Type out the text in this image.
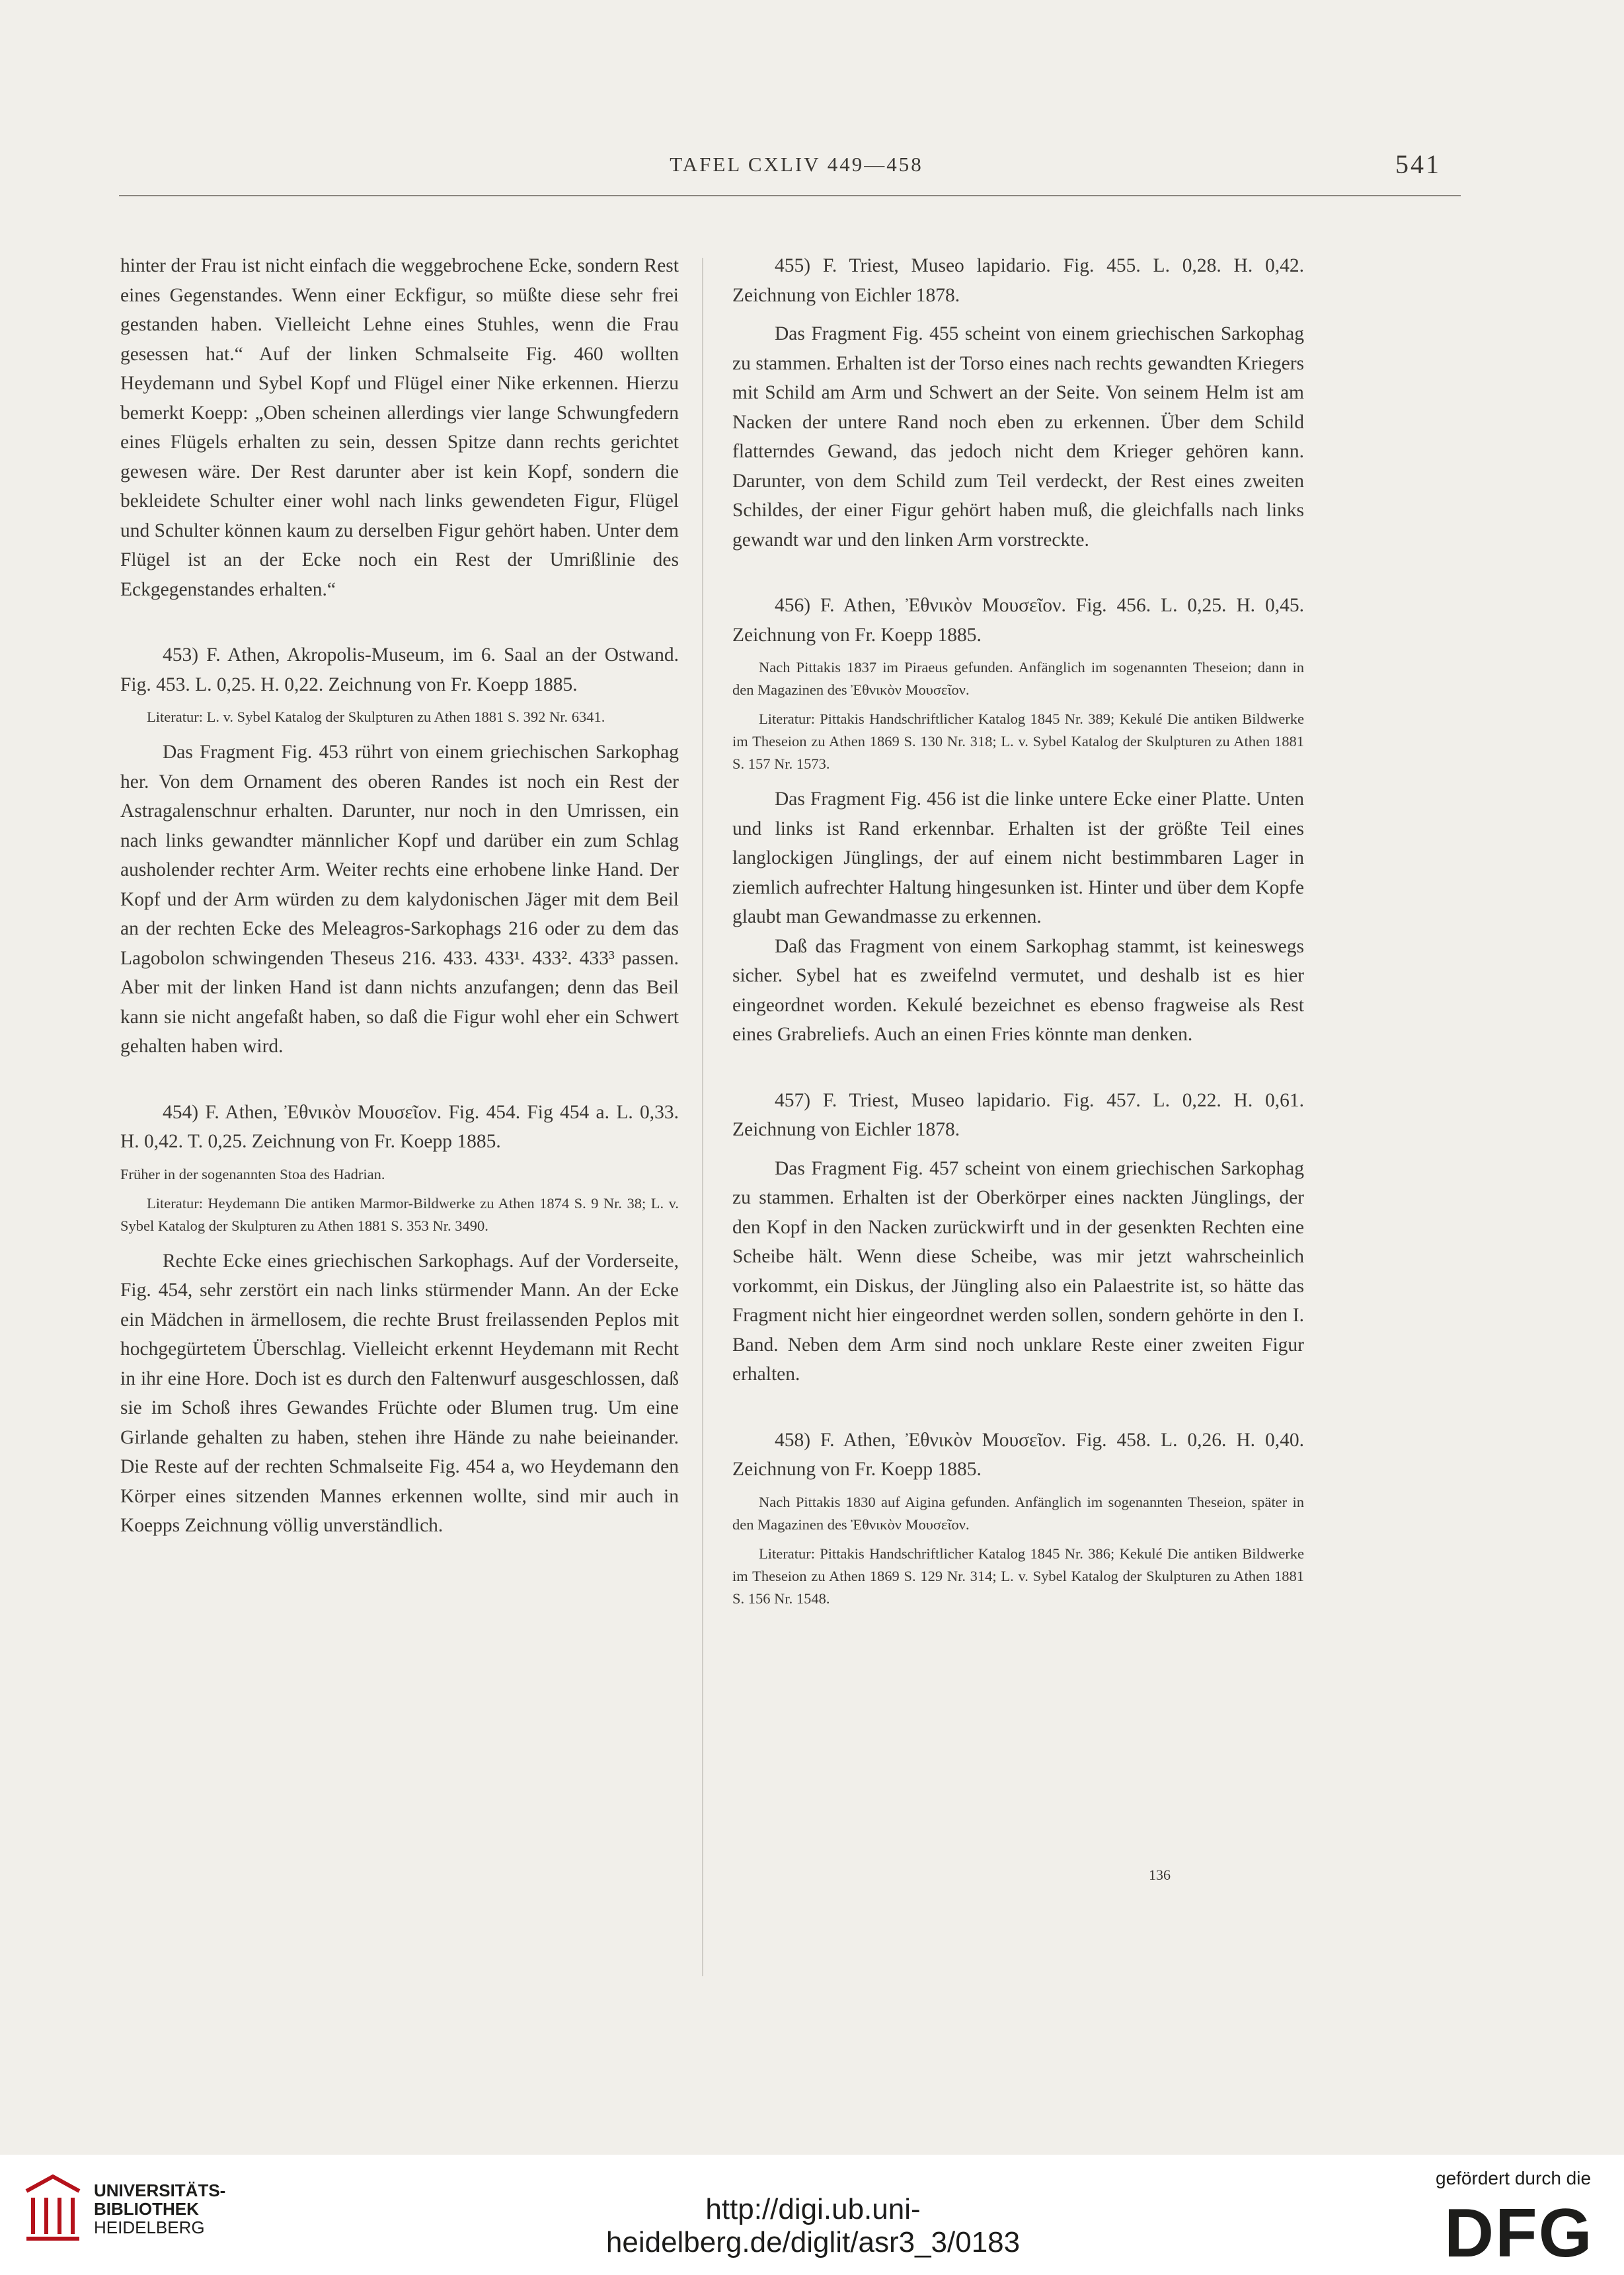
TAFEL CXLIV 449—458	541

hinter der Frau ist nicht einfach die weggebrochene Ecke, sondern Rest eines Gegenstandes. Wenn einer Eckfigur, so müßte diese sehr frei gestanden haben. Vielleicht Lehne eines Stuhles, wenn die Frau gesessen hat.“ Auf der linken Schmalseite Fig. 460 wollten Heydemann und Sybel Kopf und Flügel einer Nike erkennen. Hierzu bemerkt Koepp: „Oben scheinen allerdings vier lange Schwungfedern eines Flügels erhalten zu sein, dessen Spitze dann rechts gerichtet gewesen wäre. Der Rest darunter aber ist kein Kopf, sondern die bekleidete Schulter einer wohl nach links gewendeten Figur, Flügel und Schulter können kaum zu derselben Figur gehört haben. Unter dem Flügel ist an der Ecke noch ein Rest der Umrißlinie des Eckgegenstandes erhalten.“

453) F. Athen, Akropolis-Museum, im 6. Saal an der Ostwand. Fig. 453. L. 0,25. H. 0,22. Zeichnung von Fr. Koepp 1885.

Literatur: L. v. Sybel Katalog der Skulpturen zu Athen 1881 S. 392 Nr. 6341.

Das Fragment Fig. 453 rührt von einem griechischen Sarkophag her. Von dem Ornament des oberen Randes ist noch ein Rest der Astragalenschnur erhalten. Darunter, nur noch in den Umrissen, ein nach links gewandter männlicher Kopf und darüber ein zum Schlag ausholender rechter Arm. Weiter rechts eine erhobene linke Hand. Der Kopf und der Arm würden zu dem kalydonischen Jäger mit dem Beil an der rechten Ecke des Meleagros-Sarkophags 216 oder zu dem das Lagobolon schwingenden Theseus 216. 433. 433¹. 433². 433³ passen. Aber mit der linken Hand ist dann nichts anzufangen; denn das Beil kann sie nicht angefaßt haben, so daß die Figur wohl eher ein Schwert gehalten haben wird.

454) F. Athen, Ἐθνικὸν Μουσεῖον. Fig. 454. Fig 454 a. L. 0,33. H. 0,42. T. 0,25. Zeichnung von Fr. Koepp 1885.

Früher in der sogenannten Stoa des Hadrian.

Literatur: Heydemann Die antiken Marmor-Bildwerke zu Athen 1874 S. 9 Nr. 38; L. v. Sybel Katalog der Skulpturen zu Athen 1881 S. 353 Nr. 3490.

Rechte Ecke eines griechischen Sarkophags. Auf der Vorderseite, Fig. 454, sehr zerstört ein nach links stürmender Mann. An der Ecke ein Mädchen in ärmellosem, die rechte Brust freilassenden Peplos mit hochgegürtetem Überschlag. Vielleicht erkennt Heydemann mit Recht in ihr eine Hore. Doch ist es durch den Faltenwurf ausgeschlossen, daß sie im Schoß ihres Gewandes Früchte oder Blumen trug. Um eine Girlande gehalten zu haben, stehen ihre Hände zu nahe beieinander. Die Reste auf der rechten Schmalseite Fig. 454 a, wo Heydemann den Körper eines sitzenden Mannes erkennen wollte, sind mir auch in Koepps Zeichnung völlig unverständlich.

455) F. Triest, Museo lapidario. Fig. 455. L. 0,28. H. 0,42. Zeichnung von Eichler 1878.

Das Fragment Fig. 455 scheint von einem griechischen Sarkophag zu stammen. Erhalten ist der Torso eines nach rechts gewandten Kriegers mit Schild am Arm und Schwert an der Seite. Von seinem Helm ist am Nacken der untere Rand noch eben zu erkennen. Über dem Schild flatterndes Gewand, das jedoch nicht dem Krieger gehören kann. Darunter, von dem Schild zum Teil verdeckt, der Rest eines zweiten Schildes, der einer Figur gehört haben muß, die gleichfalls nach links gewandt war und den linken Arm vorstreckte.

456) F. Athen, Ἐθνικὸν Μουσεῖον. Fig. 456. L. 0,25. H. 0,45. Zeichnung von Fr. Koepp 1885.

Nach Pittakis 1837 im Piraeus gefunden. Anfänglich im sogenannten Theseion; dann in den Magazinen des Ἐθνικὸν Μουσεῖον.

Literatur: Pittakis Handschriftlicher Katalog 1845 Nr. 389; Kekulé Die antiken Bildwerke im Theseion zu Athen 1869 S. 130 Nr. 318; L. v. Sybel Katalog der Skulpturen zu Athen 1881 S. 157 Nr. 1573.

Das Fragment Fig. 456 ist die linke untere Ecke einer Platte. Unten und links ist Rand erkennbar. Erhalten ist der größte Teil eines langlockigen Jünglings, der auf einem nicht bestimmbaren Lager in ziemlich aufrechter Haltung hingesunken ist. Hinter und über dem Kopfe glaubt man Gewandmasse zu erkennen.

Daß das Fragment von einem Sarkophag stammt, ist keineswegs sicher. Sybel hat es zweifelnd vermutet, und deshalb ist es hier eingeordnet worden. Kekulé bezeichnet es ebenso fragweise als Rest eines Grabreliefs. Auch an einen Fries könnte man denken.

457) F. Triest, Museo lapidario. Fig. 457. L. 0,22. H. 0,61. Zeichnung von Eichler 1878.

Das Fragment Fig. 457 scheint von einem griechischen Sarkophag zu stammen. Erhalten ist der Oberkörper eines nackten Jünglings, der den Kopf in den Nacken zurückwirft und in der gesenkten Rechten eine Scheibe hält. Wenn diese Scheibe, was mir jetzt wahrscheinlich vorkommt, ein Diskus, der Jüngling also ein Palaestrite ist, so hätte das Fragment nicht hier eingeordnet werden sollen, sondern gehörte in den I. Band. Neben dem Arm sind noch unklare Reste einer zweiten Figur erhalten.

458) F. Athen, Ἐθνικὸν Μουσεῖον. Fig. 458. L. 0,26. H. 0,40. Zeichnung von Fr. Koepp 1885.

Nach Pittakis 1830 auf Aigina gefunden. Anfänglich im sogenannten Theseion, später in den Magazinen des Ἐθνικὸν Μουσεῖον.

Literatur: Pittakis Handschriftlicher Katalog 1845 Nr. 386; Kekulé Die antiken Bildwerke im Theseion zu Athen 1869 S. 129 Nr. 314; L. v. Sybel Katalog der Skulpturen zu Athen 1881 S. 156 Nr. 1548.

136
UNIVERSITÄTS-
BIBLIOTHEK
HEIDELBERG
http://digi.ub.uni-heidelberg.de/diglit/asr3_3/0183
gefördert durch die
DFG
